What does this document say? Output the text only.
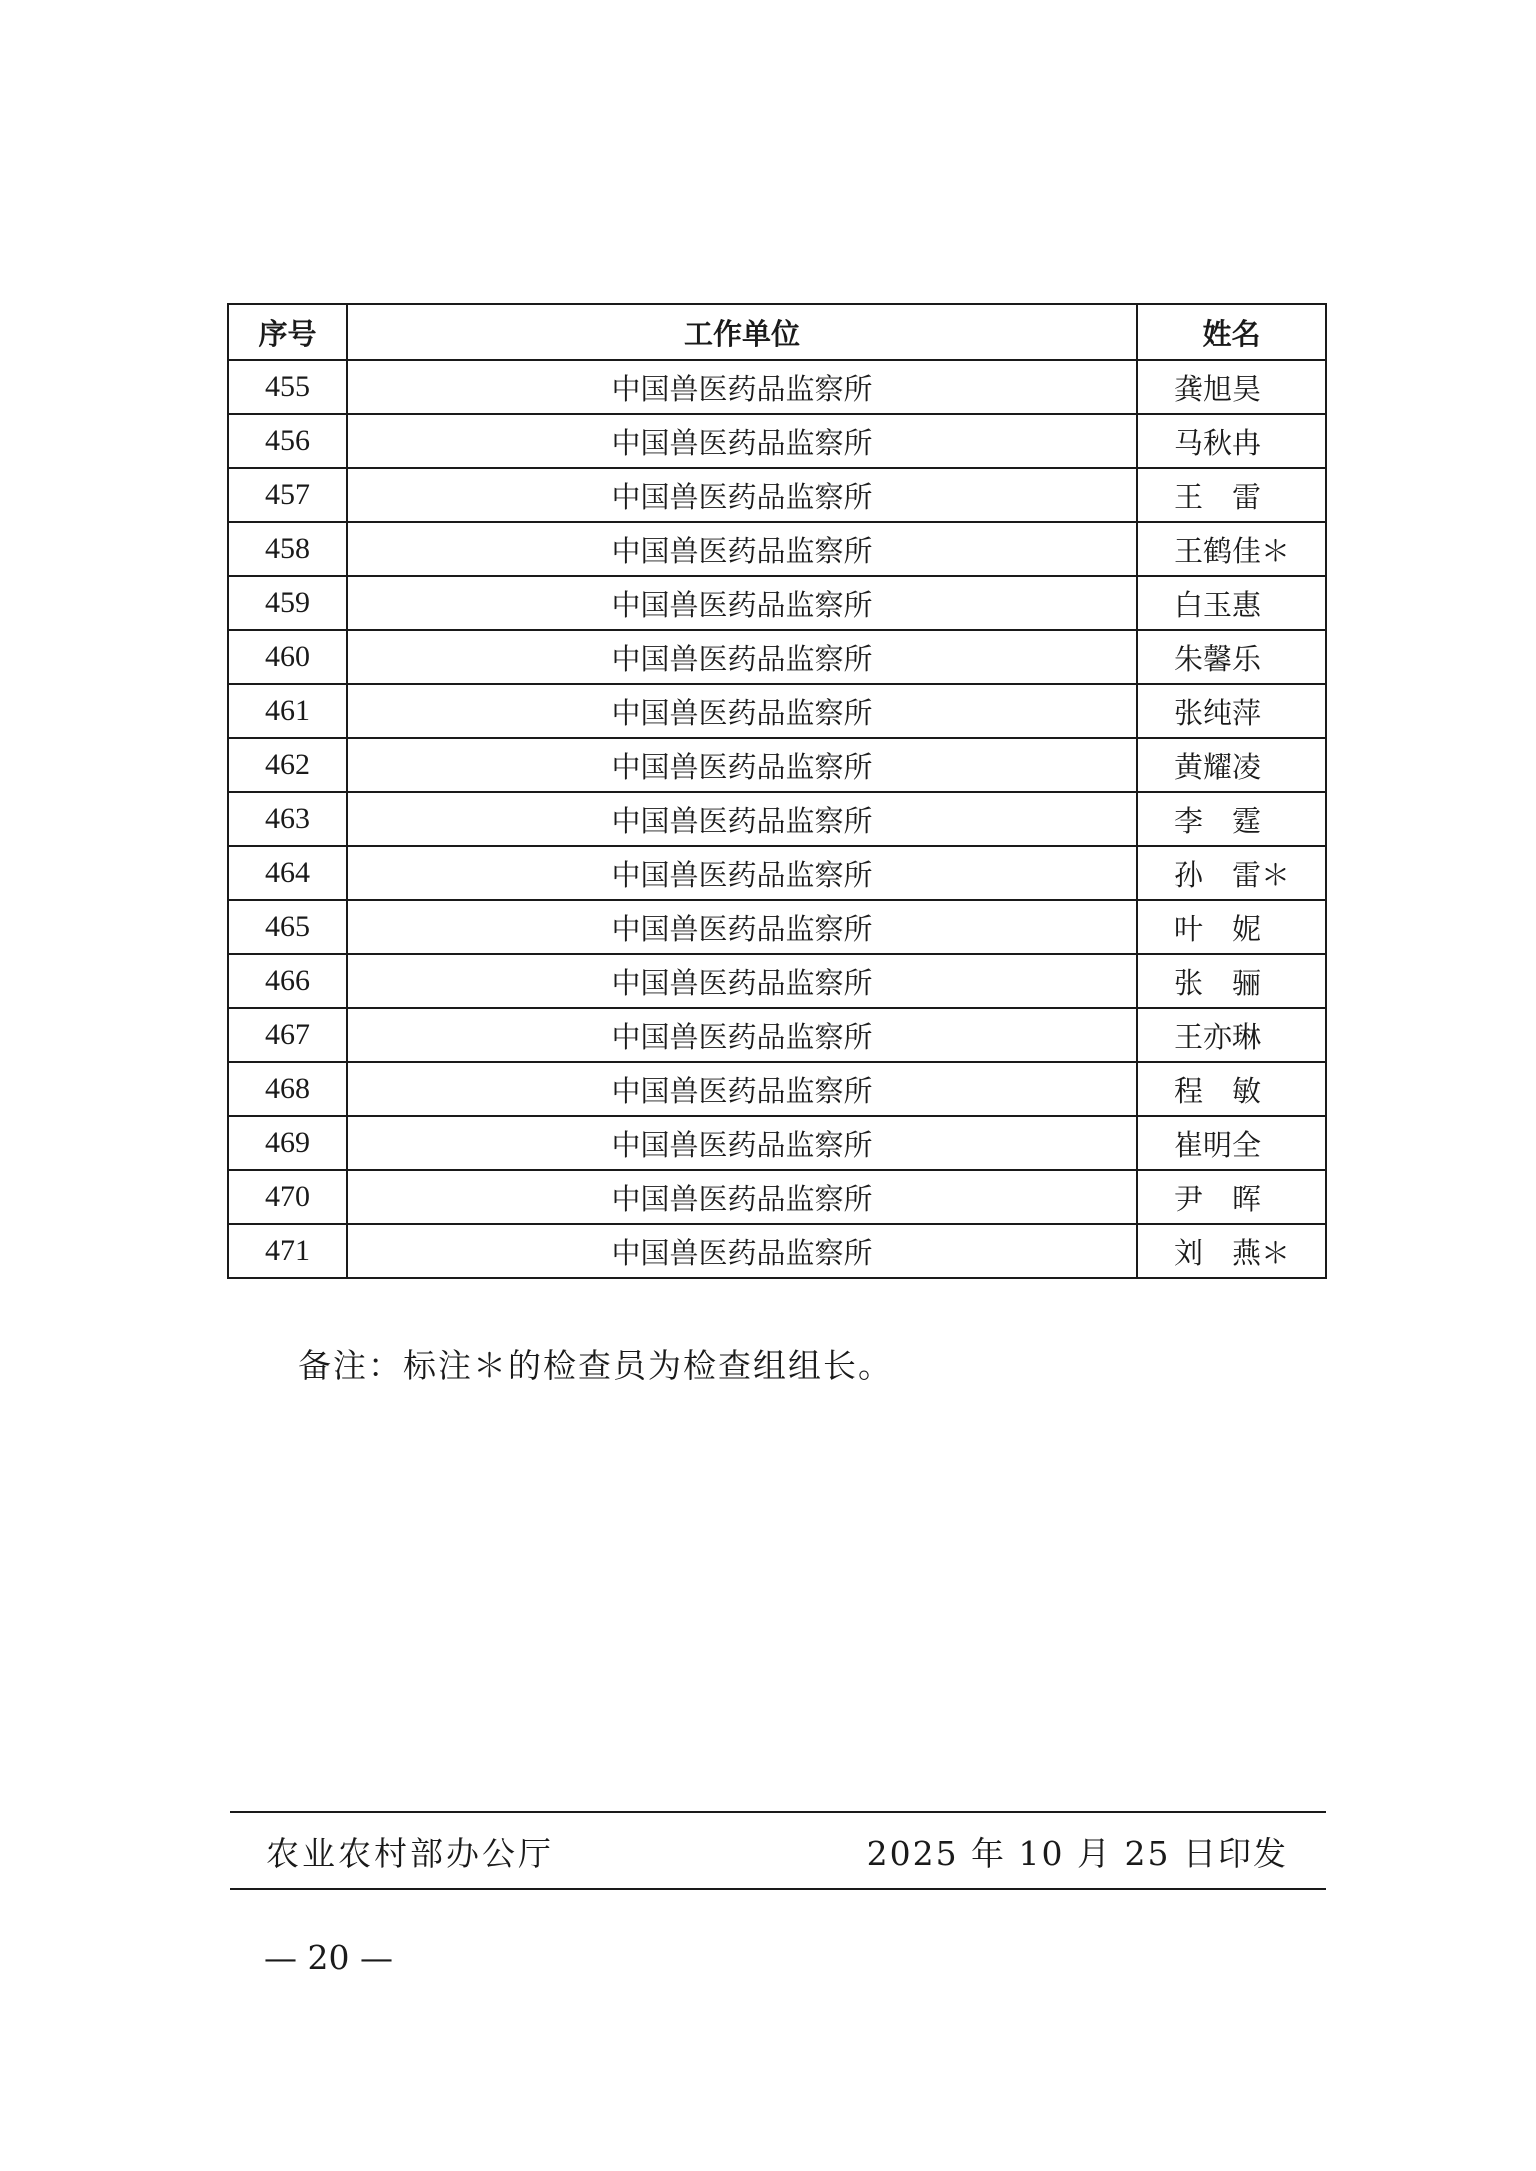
序号	工作单位	姓名
455	中国兽医药品监察所	龚旭昊
456	中国兽医药品监察所	马秋冉
457	中国兽医药品监察所	王　雷
458	中国兽医药品监察所	王鹤佳＊
459	中国兽医药品监察所	白玉惠
460	中国兽医药品监察所	朱馨乐
461	中国兽医药品监察所	张纯萍
462	中国兽医药品监察所	黄耀凌
463	中国兽医药品监察所	李　霆
464	中国兽医药品监察所	孙　雷＊
465	中国兽医药品监察所	叶　妮
466	中国兽医药品监察所	张　骊
467	中国兽医药品监察所	王亦琳
468	中国兽医药品监察所	程　敏
469	中国兽医药品监察所	崔明全
470	中国兽医药品监察所	尹　晖
471	中国兽医药品监察所	刘　燕＊
备注：标注＊的检查员为检查组组长。
农业农村部办公厅	2025 年 10 月 25 日印发
— 20 —
